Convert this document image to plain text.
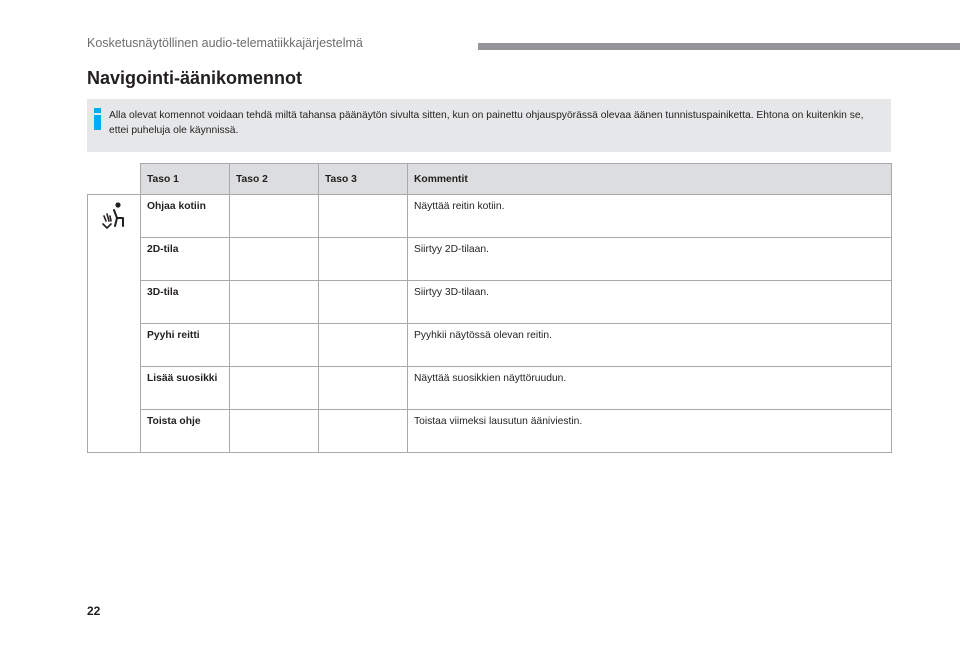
Kosketusnäytöllinen audio-telematiikkajärjestelmä
Navigointi-äänikomennot
Alla olevat komennot voidaan tehdä miltä tahansa päänäytön sivulta sitten, kun on painettu ohjauspyörässä olevaa äänen tunnistuspainiketta. Ehtona on kuitenkin se, ettei puheluja ole käynnissä.
	Taso 1	Taso 2	Taso 3	Kommentit
	Ohjaa kotiin			Näyttää reitin kotiin.
	2D-tila			Siirtyy 2D-tilaan.
	3D-tila			Siirtyy 3D-tilaan.
	Pyyhi reitti			Pyyhkii näytössä olevan reitin.
	Lisää suosikki			Näyttää suosikkien näyttöruudun.
	Toista ohje			Toistaa viimeksi lausutun ääniviestin.
22
